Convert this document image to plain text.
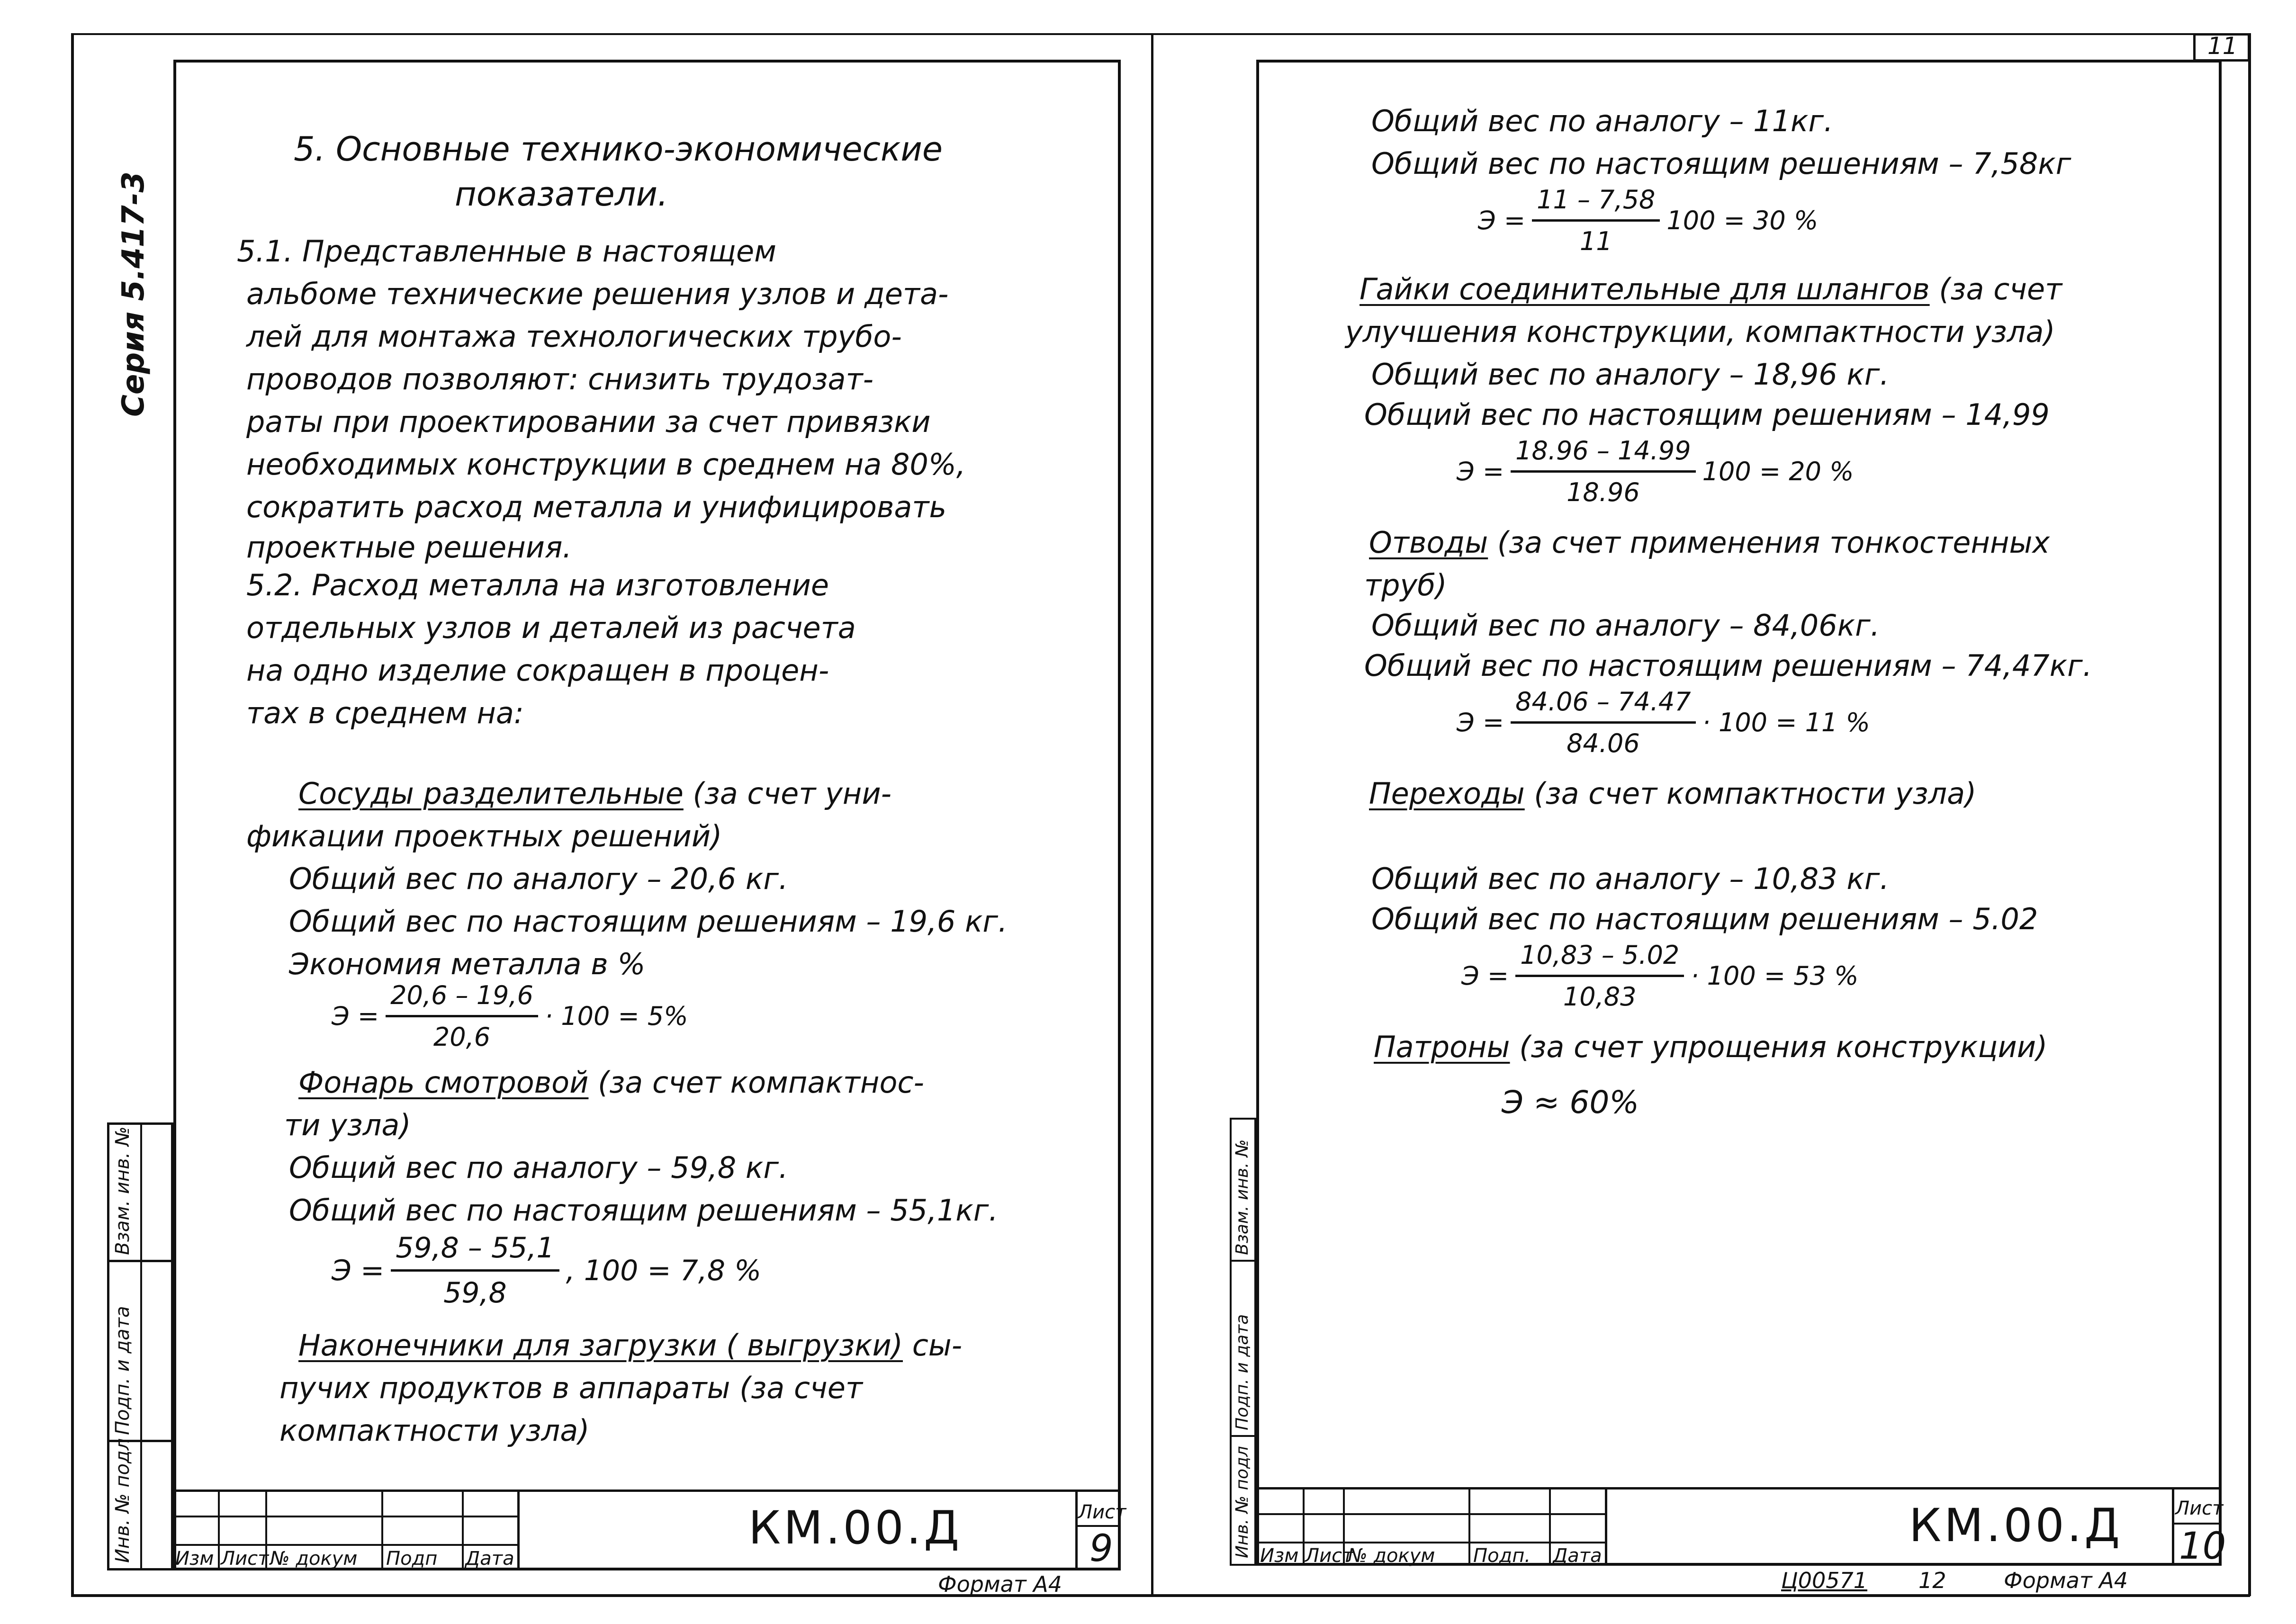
11
Серия 5.417-3
Инв. № подл
Подп. и дата
Взам. инв. №
5. Основные технико-экономические
показатели.
5.1. Представленные в настоящем
альбоме технические решения узлов и дета-
лей для монтажа технологических трубо-
проводов позволяют: снизить трудозат-
раты при проектировании за счет привязки
необходимых конструкции в среднем на 80%,
сократить расход металла и унифицировать
проектные решения.
5.2. Расход металла на изготовление
отдельных узлов и деталей из расчета
на одно изделие сокращен в процен-
тах в среднем на:
Сосуды разделительные (за счет уни-
фикации проектных решений)
Общий вес по аналогу – 20,6 кг.
Общий вес по настоящим решениям – 19,6 кг.
Экономия металла в %
$Э = \frac{20,6 - 19,6}{20,6} \cdot 100 = 5\%$
Фонарь смотровой (за счет компактнос-
ти узла)
Общий вес по аналогу – 59,8 кг.
Общий вес по настоящим решениям – 55,1кг.
$Э = \frac{59,8 - 55,1}{59,8}$ , 100 = 7,8 %
Наконечники для загрузки ( выгрузки) сы-
пучих продуктов в аппараты (за счет
компактности узла)
Изм Лист № докум Подп Дата
КМ.00.Д	Лист
9
Формат А4
Инв. № подл
Подп. и дата
Взам. инв. №
Общий вес по аналогу – 11кг.
Общий вес по настоящим решениям – 7,58кг
$Э = \frac{11 - 7,58}{11} 100 = 30$ %
Гайки соединительные для шлангов (за счет
улучшения конструкции, компактности узла)
Общий вес по аналогу – 18,96 кг.
Общий вес по настоящим решениям – 14,99
$Э = \frac{18.96 - 14.99}{18.96} 100 = 20$ %
Отводы (за счет применения тонкостенных
труб)
Общий вес по аналогу – 84,06кг.
Общий вес по настоящим решениям – 74,47кг.
$Э = \frac{84.06 - 74.47}{84.06} \cdot 100 = 11$ %
Переходы (за счет компактности узла)
Общий вес по аналогу – 10,83 кг.
Общий вес по настоящим решениям – 5.02
$Э = \frac{10,83 - 5.02}{10,83} \cdot 100 = 53$ %
Патроны (за счет упрощения конструкции)
Э ≈ 60%
Изм Лист
№ докум Подп. Дата
КМ.00.Д	Лист
10
Ц00571 12	Формат А4
